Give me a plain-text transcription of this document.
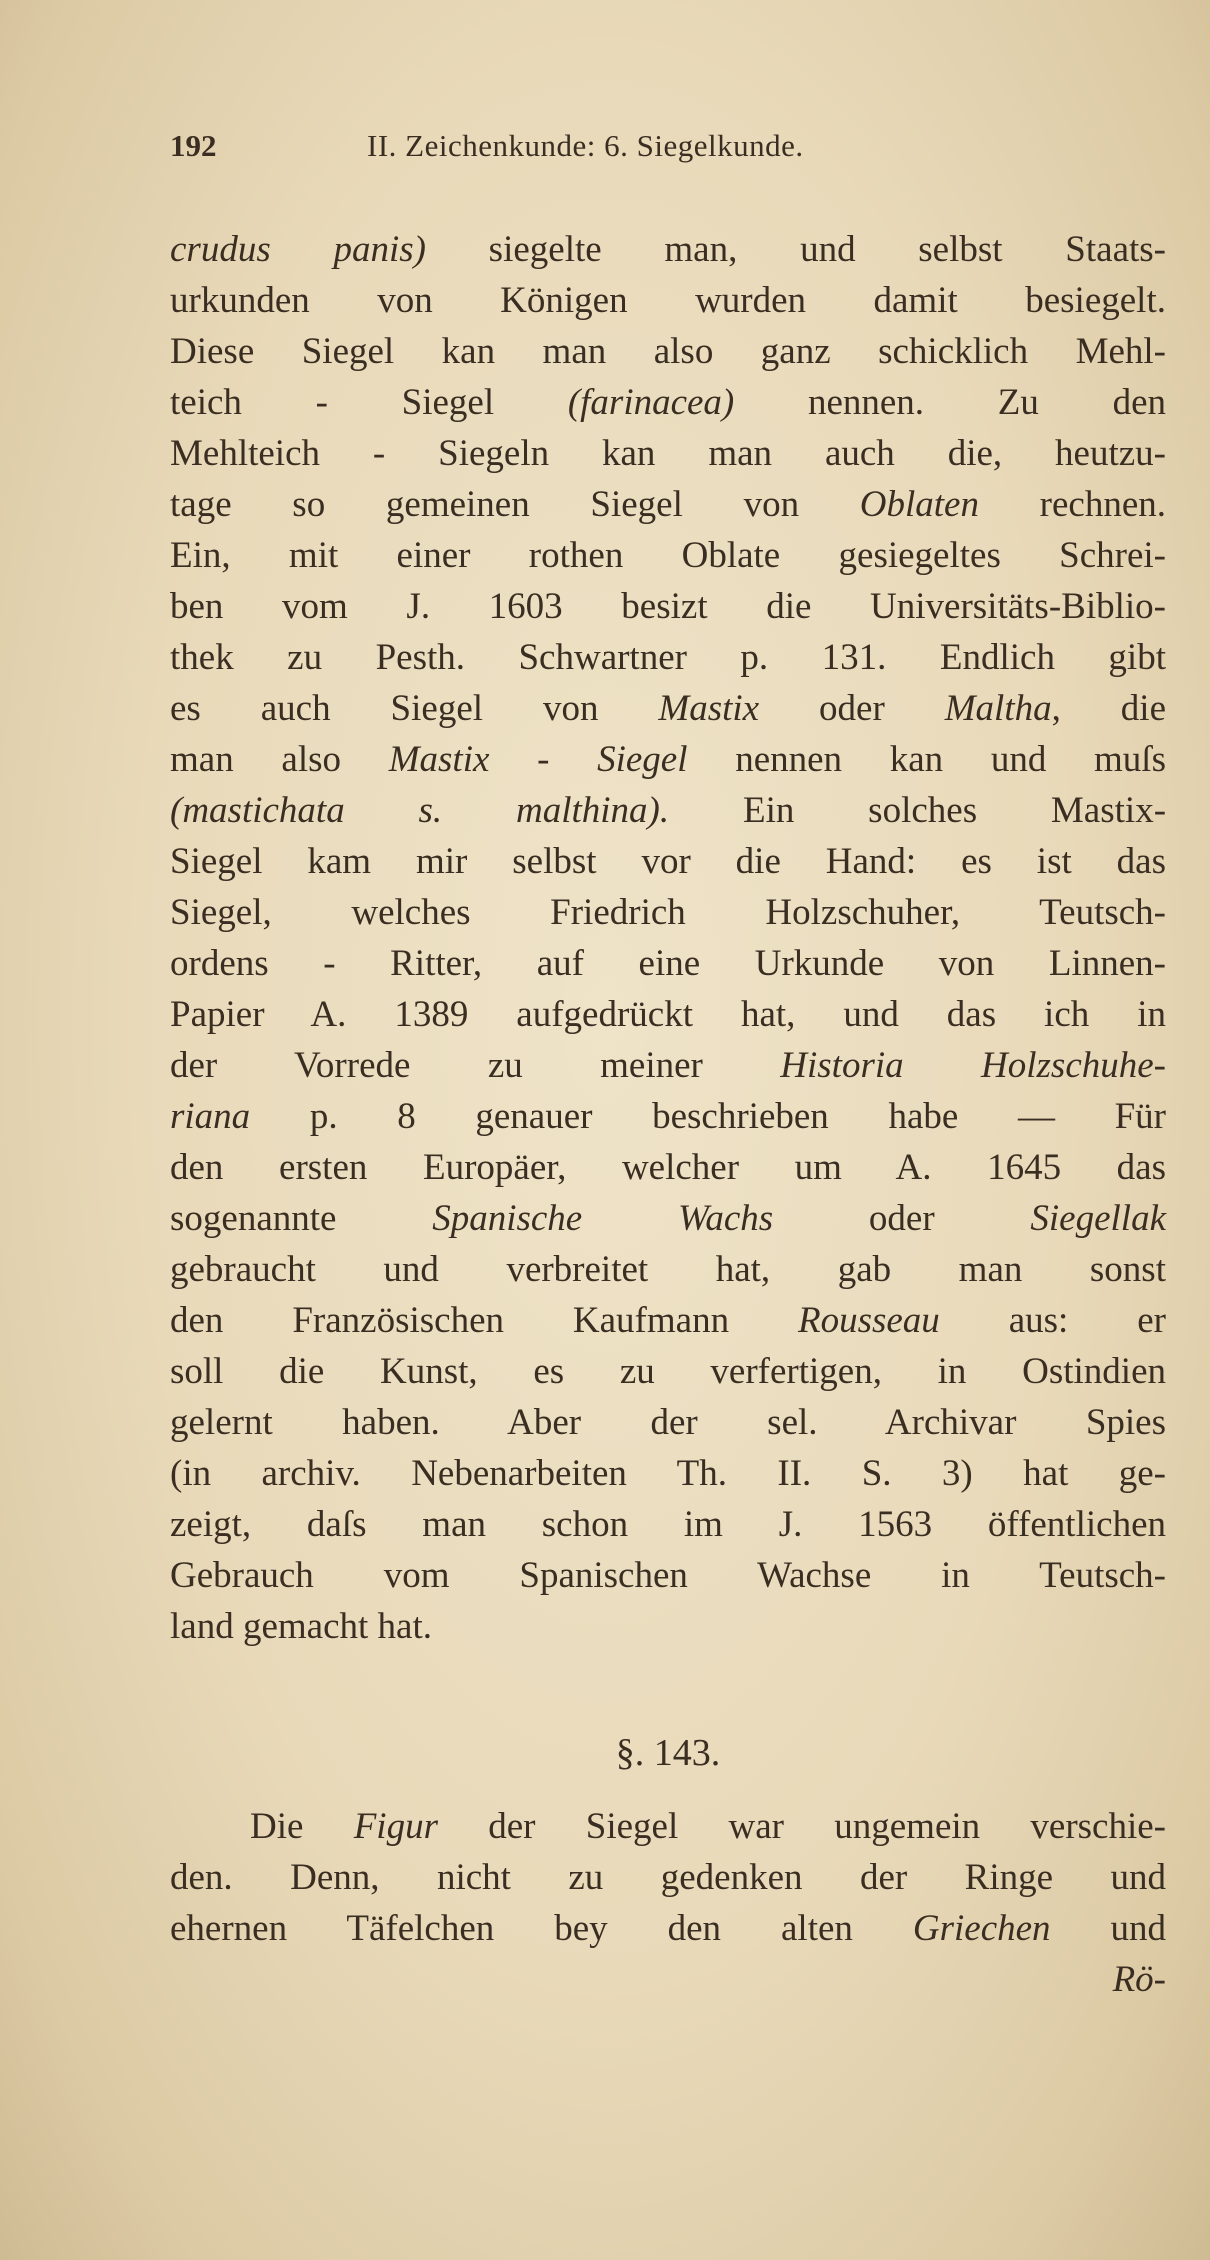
192	II. Zeichenkunde: 6. Siegelkunde.
crudus panis) siegelte man, und selbst Staats-
urkunden von Königen wurden damit besiegelt.
Diese Siegel kan man also ganz schicklich Mehl-
teich - Siegel (farinacea) nennen. Zu den
Mehlteich - Siegeln kan man auch die, heutzu-
tage so gemeinen Siegel von Oblaten rechnen.
Ein, mit einer rothen Oblate gesiegeltes Schrei-
ben vom J. 1603 besizt die Universitäts-Biblio-
thek zu Pesth. Schwartner p. 131. Endlich gibt
es auch Siegel von Mastix oder Maltha, die
man also Mastix - Siegel nennen kan und muſs
(mastichata s. malthina). Ein solches Mastix-
Siegel kam mir selbst vor die Hand: es ist das
Siegel, welches Friedrich Holzschuher, Teutsch-
ordens - Ritter, auf eine Urkunde von Linnen-
Papier A. 1389 aufgedrückt hat, und das ich in
der Vorrede zu meiner Historia Holzschuhe-
riana p. 8 genauer beschrieben habe — Für
den ersten Europäer, welcher um A. 1645 das
sogenannte Spanische Wachs oder Siegellak
gebraucht und verbreitet hat, gab man sonst
den Französischen Kaufmann Rousseau aus: er
soll die Kunst, es zu verfertigen, in Ostindien
gelernt haben. Aber der sel. Archivar Spies
(in archiv. Nebenarbeiten Th. II. S. 3) hat ge-
zeigt, daſs man schon im J. 1563 öffentlichen
Gebrauch vom Spanischen Wachse in Teutsch-
land gemacht hat.
§. 143.
Die Figur der Siegel war ungemein verschie-
den. Denn, nicht zu gedenken der Ringe und
ehernen Täfelchen bey den alten Griechen und
Rö-
